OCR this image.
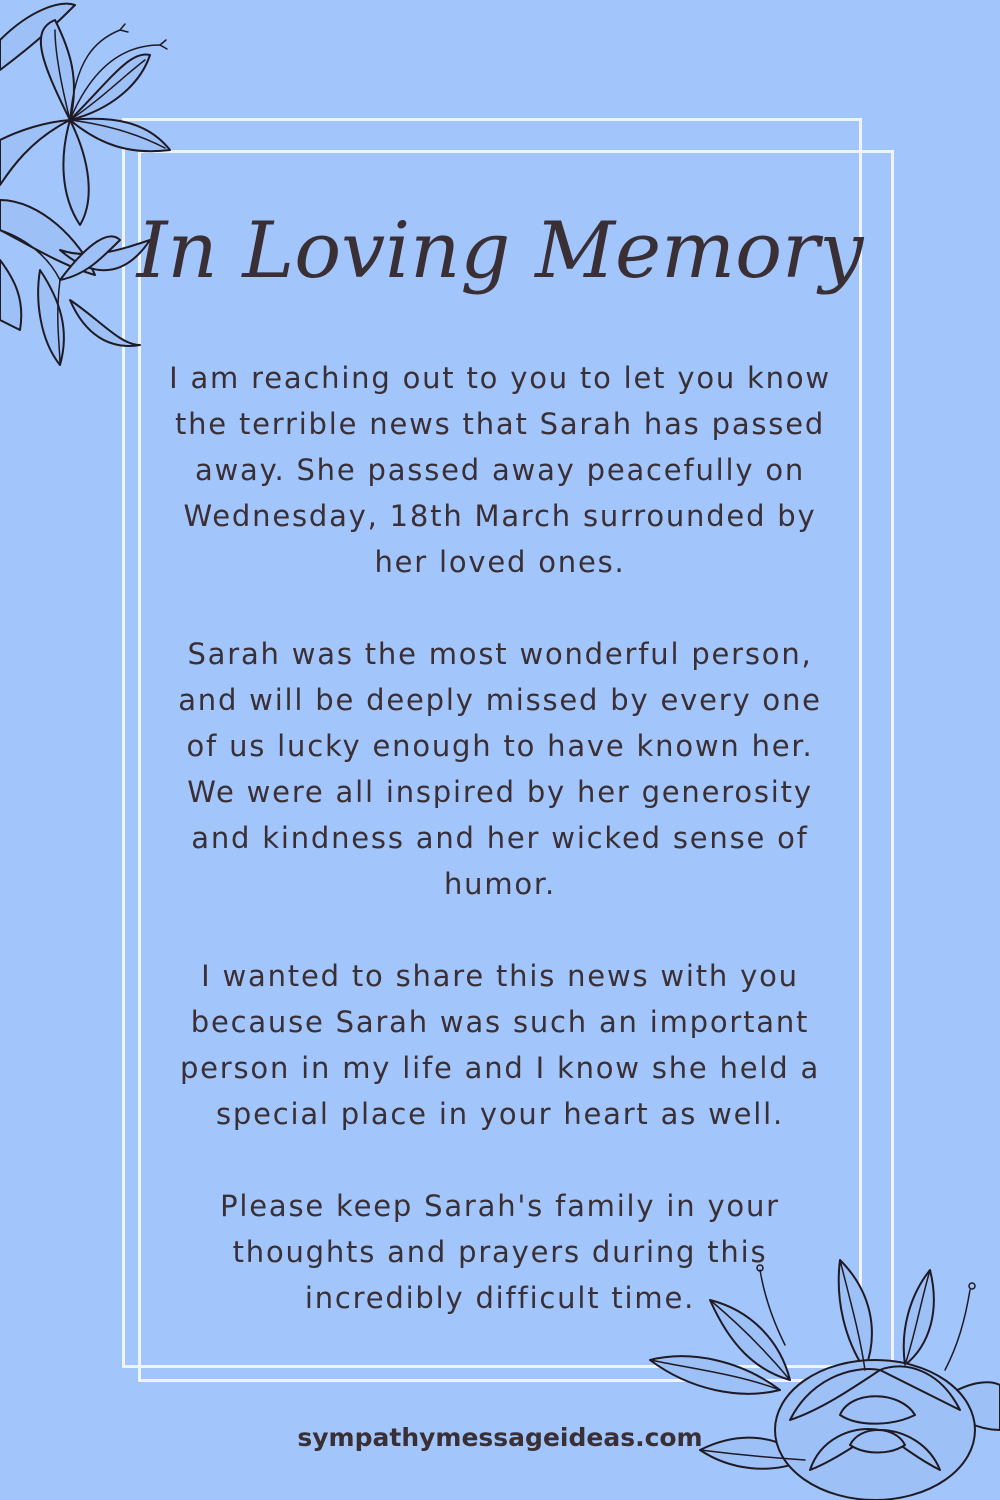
In Loving Memory

I am reaching out to you to let you know the terrible news that Sarah has passed away. She passed away peacefully on Wednesday, 18th March surrounded by her loved ones.

Sarah was the most wonderful person, and will be deeply missed by every one of us lucky enough to have known her. We were all inspired by her generosity and kindness and her wicked sense of humor.

I wanted to share this news with you because Sarah was such an important person in my life and I know she held a special place in your heart as well.

Please keep Sarah's family in your thoughts and prayers during this incredibly difficult time.

sympathymessageideas.com
